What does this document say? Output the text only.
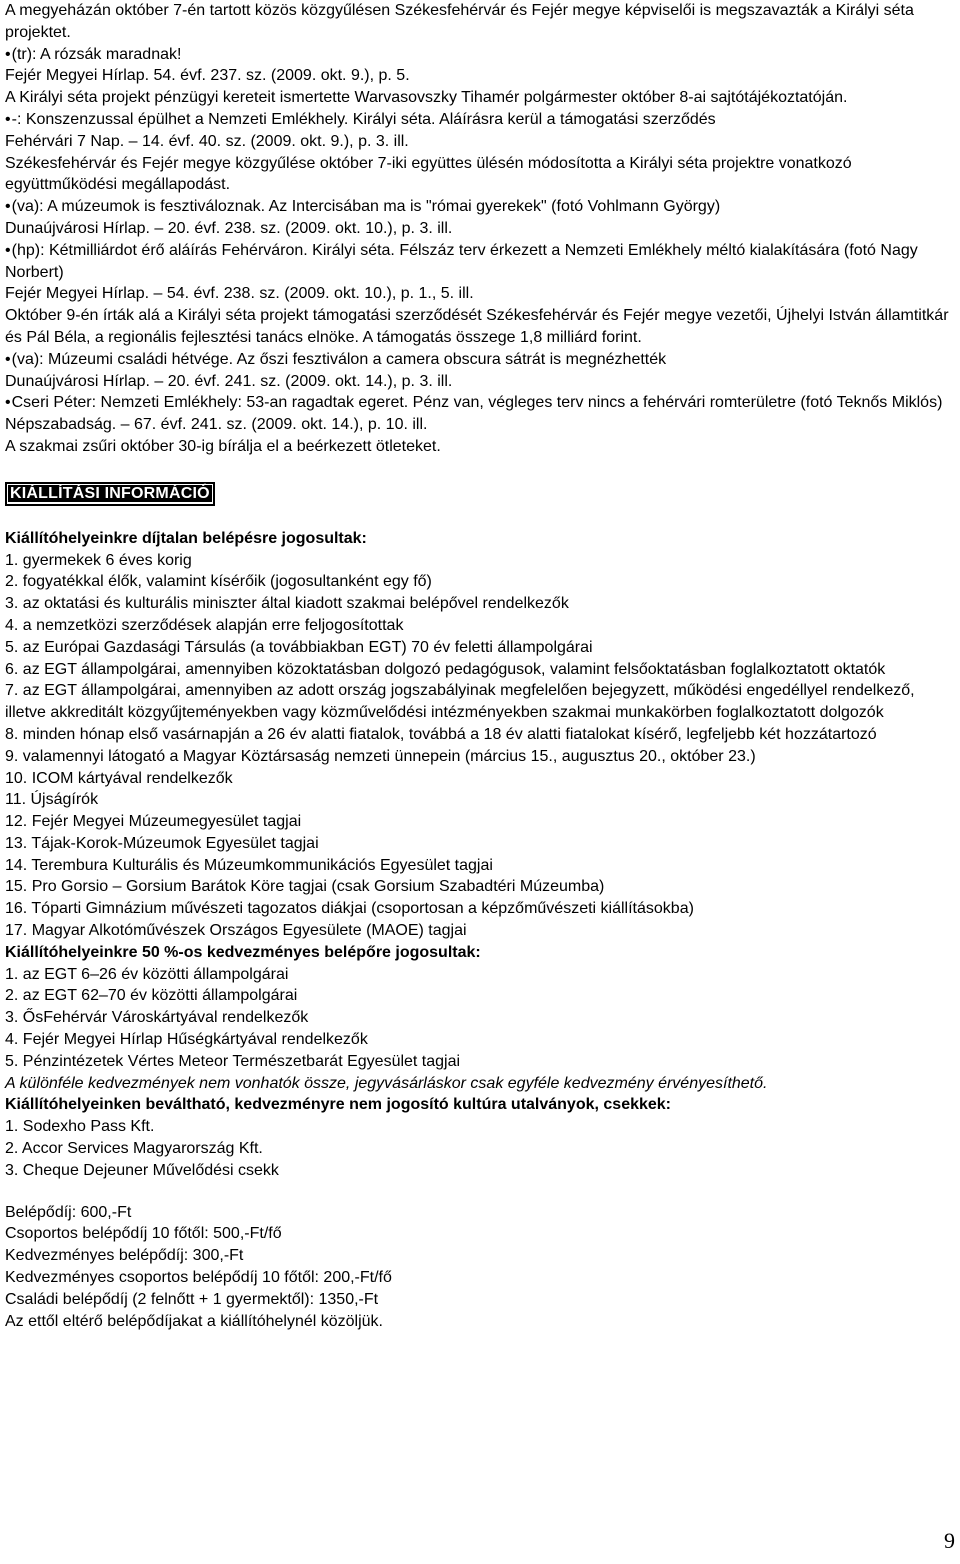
A megyeházán október 7-én tartott közös közgyűlésen Székesfehérvár és Fejér megye képviselői is megszavazták a Királyi séta projektet.

• (tr): A rózsák maradnak!

Fejér Megyei Hírlap. 54. évf. 237. sz. (2009. okt. 9.), p. 5.

A Királyi séta projekt pénzügyi kereteit ismertette Warvasovszky Tihamér polgármester október 8-ai sajtótájékoztatóján.

• -: Konszenzussal épülhet a Nemzeti Emlékhely. Királyi séta. Aláírásra kerül a támogatási szerződés

Fehérvári 7 Nap. – 14. évf. 40. sz. (2009. okt. 9.), p. 3. ill.

Székesfehérvár és Fejér megye közgyűlése október 7-iki együttes ülésén módosította a Királyi séta projektre vonatkozó együttműködési megállapodást.

• (va): A múzeumok is fesztiváloznak. Az Intercisában ma is "római gyerekek" (fotó Vohlmann György)

Dunaújvárosi Hírlap. – 20. évf. 238. sz. (2009. okt. 10.), p. 3. ill.

• (hp): Kétmilliárdot érő aláírás Fehérváron. Királyi séta. Félszáz terv érkezett a Nemzeti Emlékhely méltó kialakítására (fotó Nagy Norbert)

Fejér Megyei Hírlap. – 54. évf. 238. sz. (2009. okt. 10.), p. 1., 5. ill.

Október 9-én írták alá a Királyi séta projekt támogatási szerződését Székesfehérvár és Fejér megye vezetői, Újhelyi István államtitkár és Pál Béla, a regionális fejlesztési tanács elnöke. A támogatás összege 1,8 milliárd forint.

• (va): Múzeumi családi hétvége. Az őszi fesztiválon a camera obscura sátrát is megnézhették

Dunaújvárosi Hírlap. – 20. évf. 241. sz. (2009. okt. 14.), p. 3. ill.

• Cseri Péter: Nemzeti Emlékhely: 53-an ragadtak egeret. Pénz van, végleges terv nincs a fehérvári romterületre (fotó Teknős Miklós)

Népszabadság. – 67. évf. 241. sz. (2009. okt. 14.), p. 10. ill.

A szakmai zsűri október 30-ig bírálja el a beérkezett ötleteket.

KIÁLLÍTÁSI INFORMÁCIÓ

Kiállítóhelyeinkre díjtalan belépésre jogosultak:

1. gyermekek 6 éves korig

2. fogyatékkal élők, valamint kísérőik (jogosultanként egy fő)

3. az oktatási és kulturális miniszter által kiadott szakmai belépővel rendelkezők

4. a nemzetközi szerződések alapján erre feljogosítottak

5. az Európai Gazdasági Társulás (a továbbiakban EGT) 70 év feletti állampolgárai

6. az EGT állampolgárai, amennyiben közoktatásban dolgozó pedagógusok, valamint felsőoktatásban foglalkoztatott oktatók

7. az EGT állampolgárai, amennyiben az adott ország jogszabályinak megfelelően bejegyzett, működési engedéllyel rendelkező, illetve akkreditált közgyűjteményekben vagy közművelődési intézményekben szakmai munkakörben foglalkoztatott dolgozók

8. minden hónap első vasárnapján a 26 év alatti fiatalok, továbbá a 18 év alatti fiatalokat kísérő, legfeljebb két hozzátartozó

9. valamennyi látogató a Magyar Köztársaság nemzeti ünnepein (március 15., augusztus 20., október 23.)

10. ICOM kártyával rendelkezők

11. Újságírók

12. Fejér Megyei Múzeumegyesület tagjai

13. Tájak-Korok-Múzeumok Egyesület tagjai

14. Terembura Kulturális és Múzeumkommunikációs Egyesület tagjai

15. Pro Gorsio – Gorsium Barátok Köre tagjai (csak Gorsium Szabadtéri Múzeumba)

16. Tóparti Gimnázium művészeti tagozatos diákjai (csoportosan a képzőművészeti kiállításokba)

17. Magyar Alkotóművészek Országos Egyesülete (MAOE) tagjai

Kiállítóhelyeinkre 50 %-os kedvezményes belépőre jogosultak:

1. az EGT 6–26 év közötti állampolgárai

2. az EGT 62–70 év közötti állampolgárai

3. ŐsFehérvár Városkártyával rendelkezők

4. Fejér Megyei Hírlap Hűségkártyával rendelkezők

5. Pénzintézetek Vértes Meteor Természetbarát Egyesület tagjai

A különféle kedvezmények nem vonhatók össze, jegyvásárláskor csak egyféle kedvezmény érvényesíthető.

Kiállítóhelyeinken beváltható, kedvezményre nem jogosító kultúra utalványok, csekkek:

1. Sodexho Pass Kft.

2. Accor Services Magyarország Kft.

3. Cheque Dejeuner Művelődési csekk

Belépődíj: 600,-Ft

Csoportos belépődíj 10 főtől: 500,-Ft/fő

Kedvezményes belépődíj: 300,-Ft

Kedvezményes csoportos belépődíj 10 főtől: 200,-Ft/fő

Családi belépődíj (2 felnőtt + 1 gyermektől): 1350,-Ft

Az ettől eltérő belépődíjakat a kiállítóhelynél közöljük.

9
